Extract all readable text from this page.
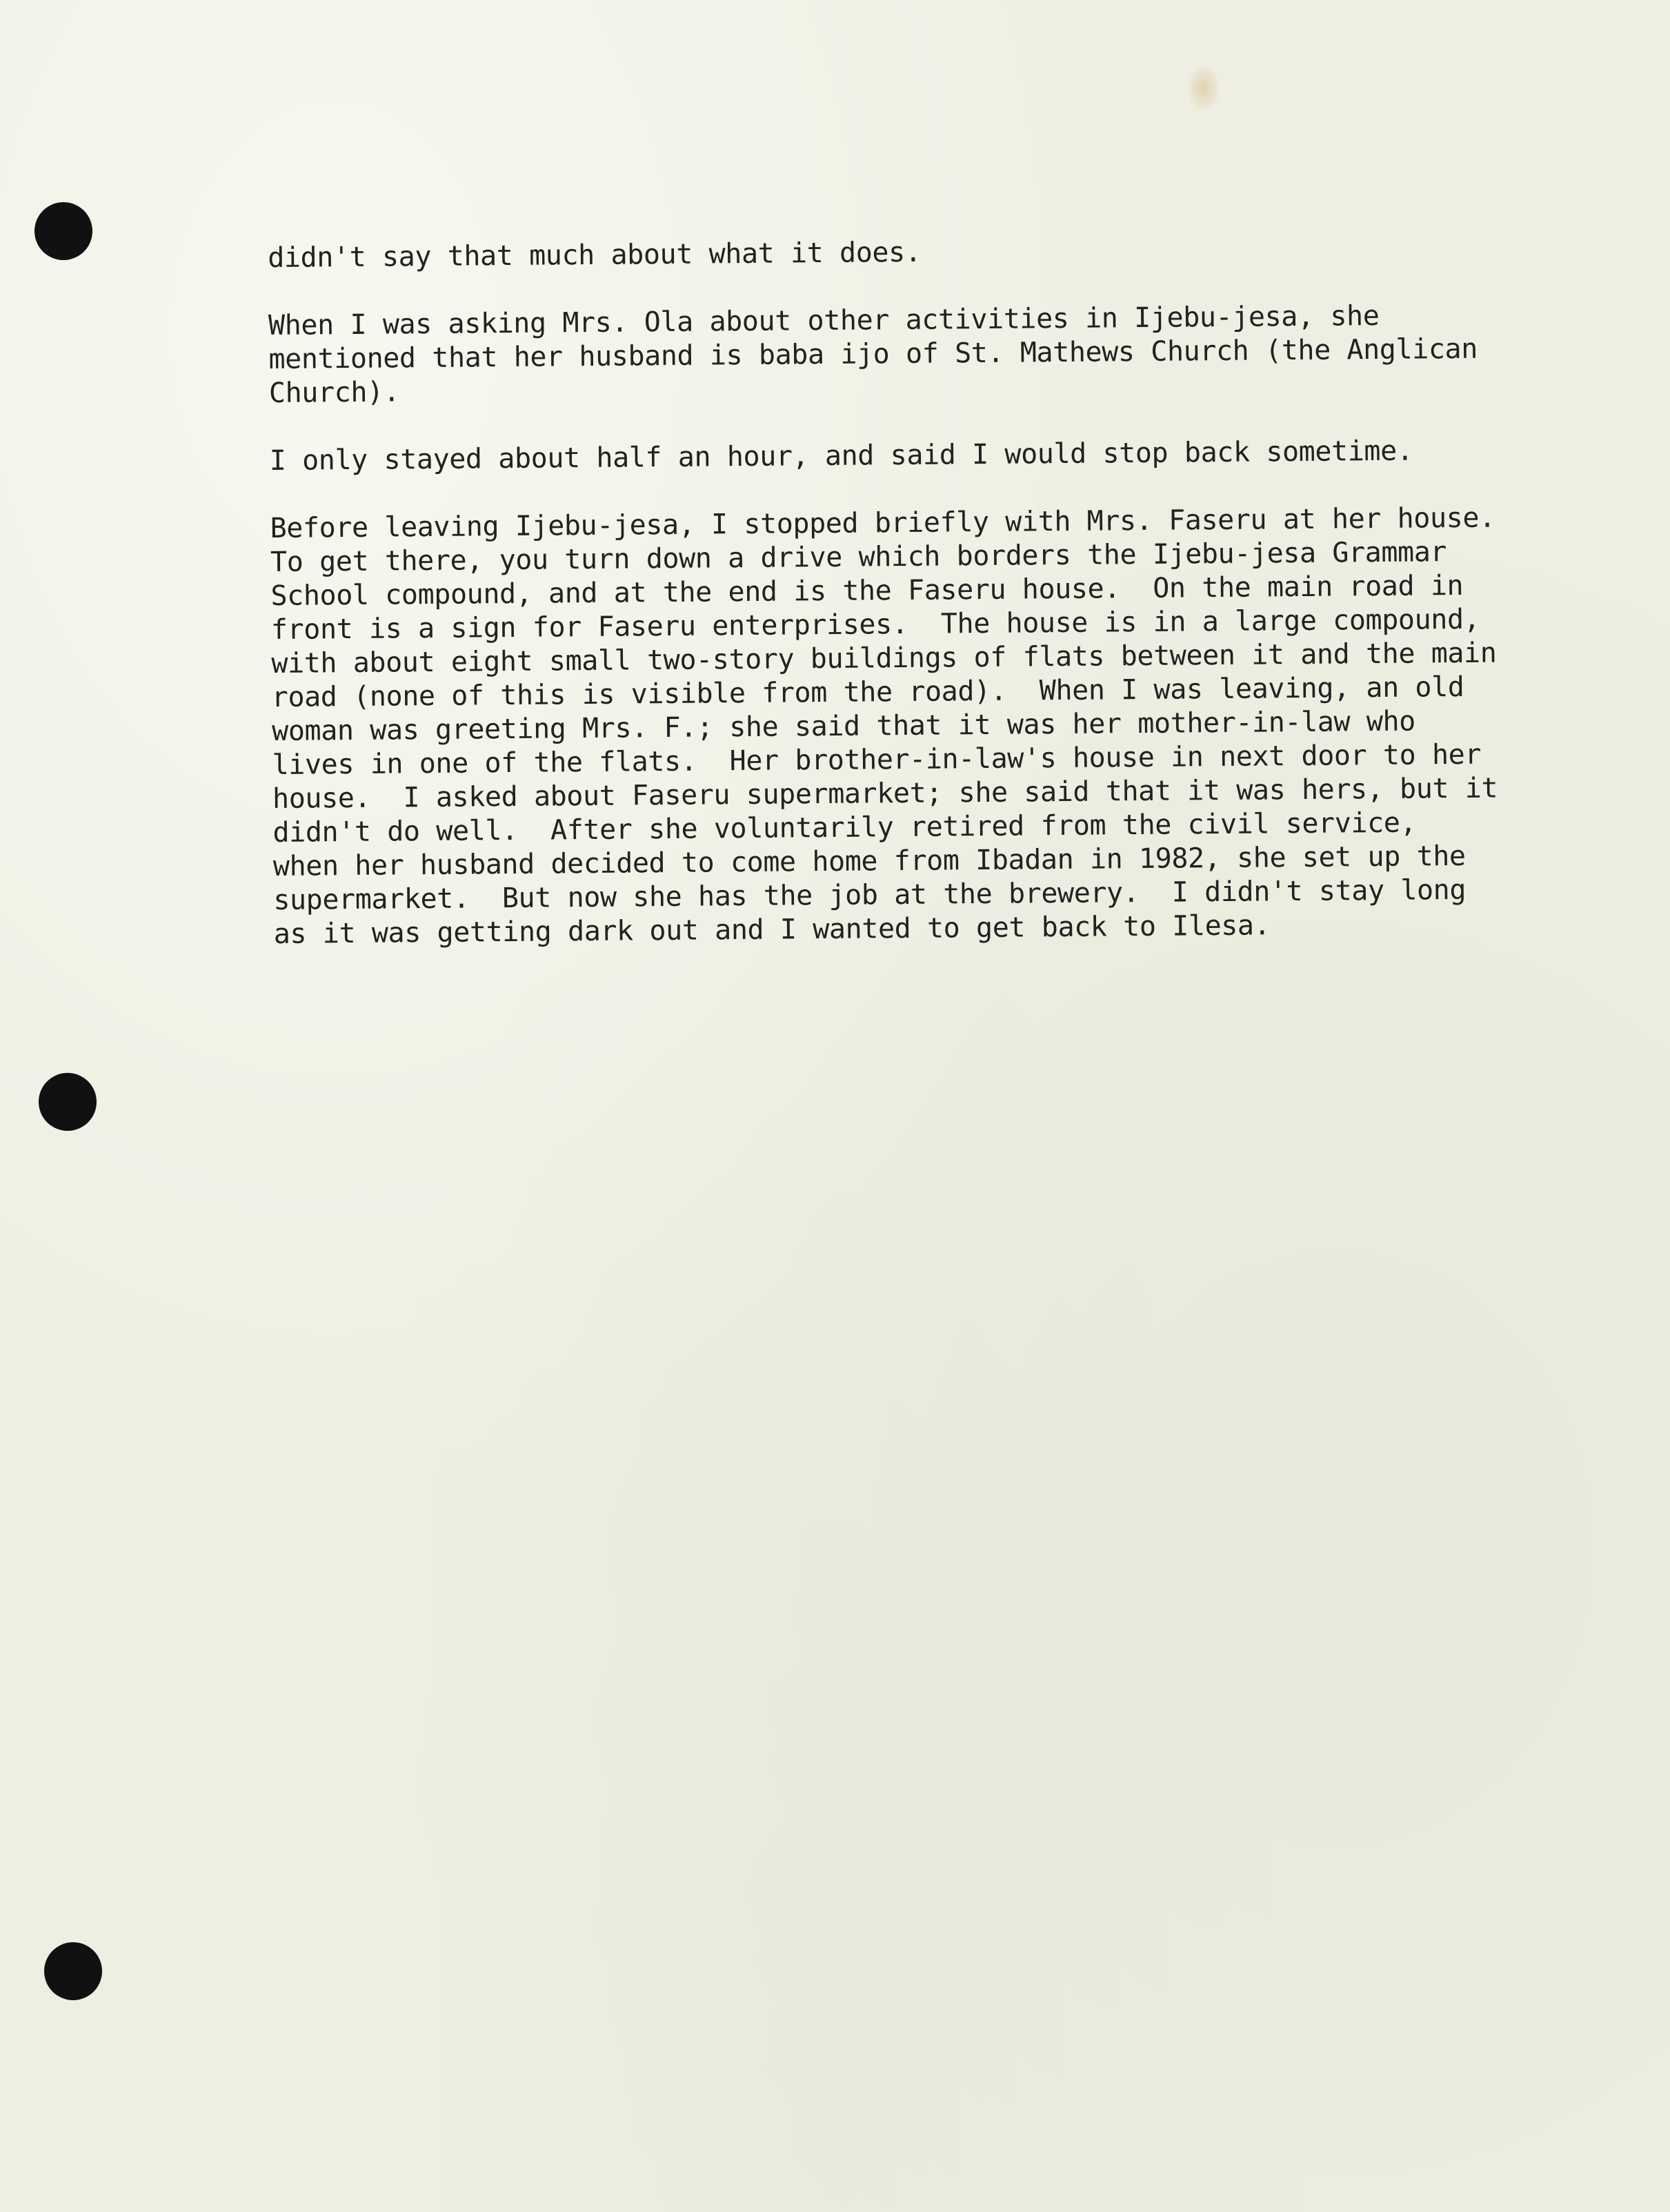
didn't say that much about what it does.

When I was asking Mrs. Ola about other activities in Ijebu-jesa, she
mentioned that her husband is baba ijo of St. Mathews Church (the Anglican
Church).

I only stayed about half an hour, and said I would stop back sometime.

Before leaving Ijebu-jesa, I stopped briefly with Mrs. Faseru at her house.
To get there, you turn down a drive which borders the Ijebu-jesa Grammar
School compound, and at the end is the Faseru house.  On the main road in
front is a sign for Faseru enterprises.  The house is in a large compound,
with about eight small two-story buildings of flats between it and the main
road (none of this is visible from the road).  When I was leaving, an old
woman was greeting Mrs. F.; she said that it was her mother-in-law who
lives in one of the flats.  Her brother-in-law's house in next door to her
house.  I asked about Faseru supermarket; she said that it was hers, but it
didn't do well.  After she voluntarily retired from the civil service,
when her husband decided to come home from Ibadan in 1982, she set up the
supermarket.  But now she has the job at the brewery.  I didn't stay long
as it was getting dark out and I wanted to get back to Ilesa.
